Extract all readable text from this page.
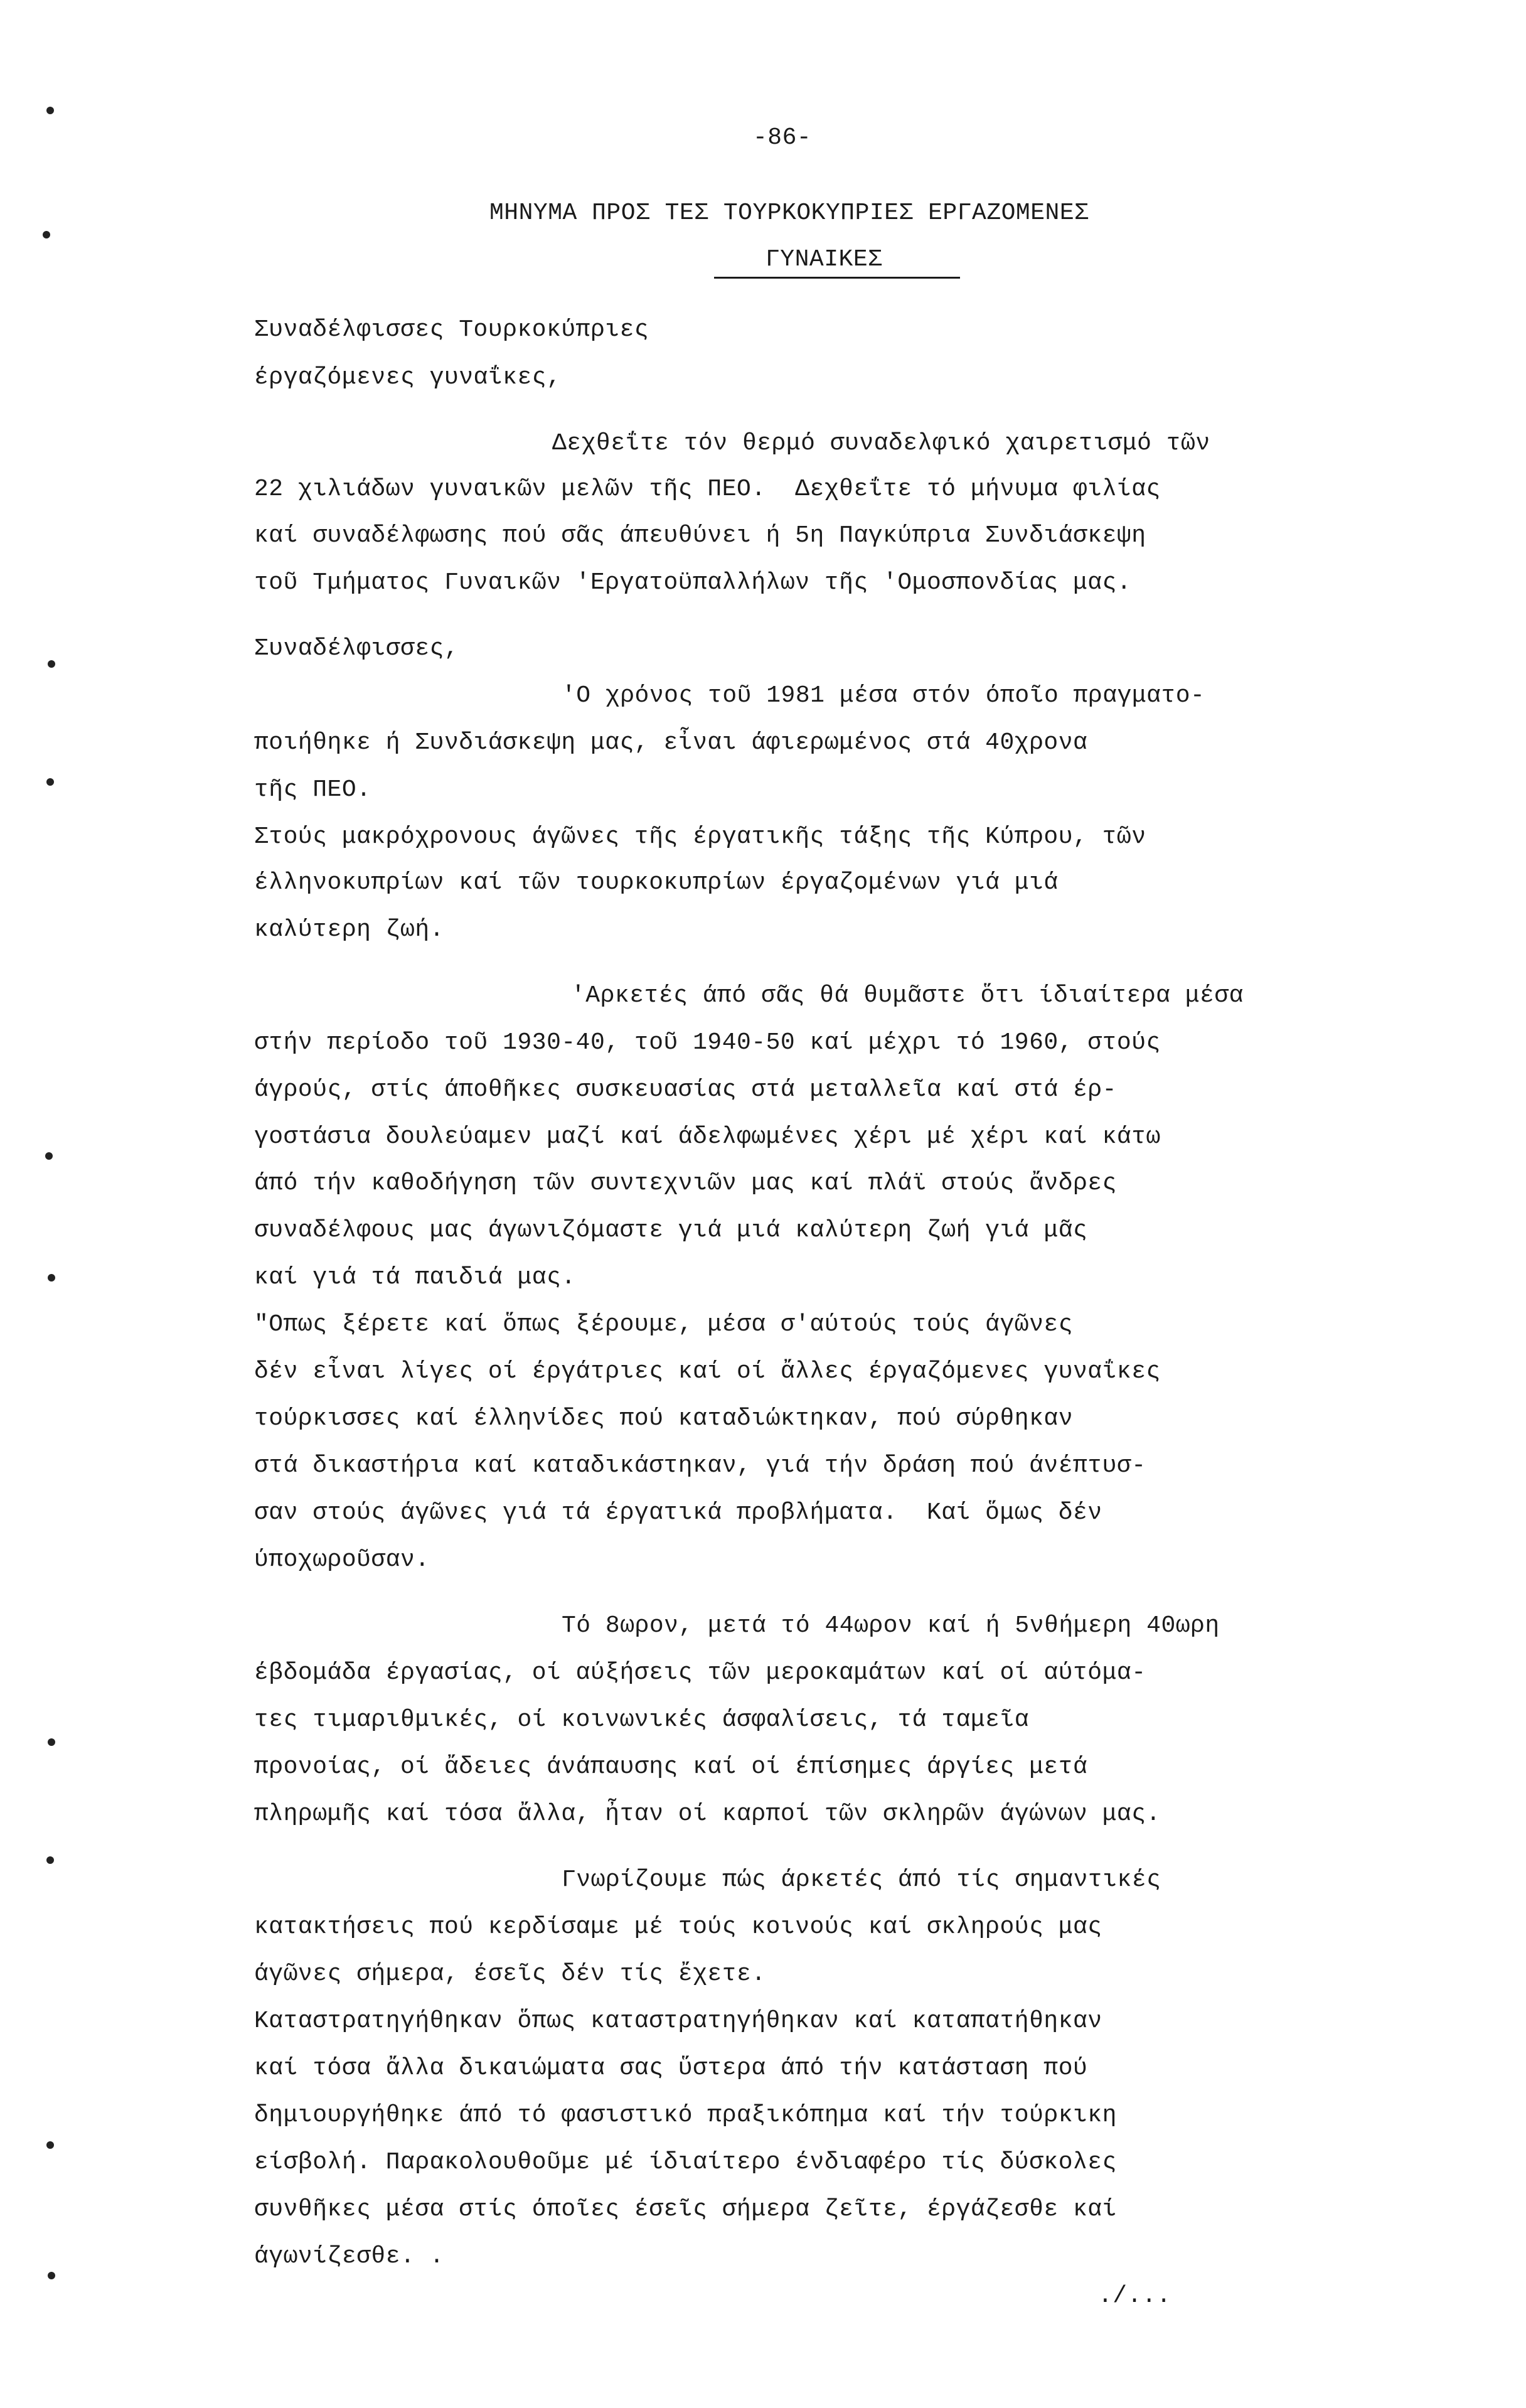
-86-
ΜΗΝΥΜΑ ΠΡΟΣ ΤΕΣ ΤΟΥΡΚΟΚΥΠΡΙΕΣ ΕΡΓΑΖΟΜΕΝΕΣ
ΓΥΝΑΙΚΕΣ
Συναδέλφισσες Τουρκοκύπριες
έργαζόμενες γυναΐκες,
Δεχθεΐτε τόν θερμό συναδελφικό χαιρετισμό τῶν
22 χιλιάδων γυναικῶν μελῶν τῆς ΠΕΟ.  Δεχθεΐτε τό μήνυμα φιλίας
καί συναδέλφωσης πού σᾶς άπευθύνει ή 5η Παγκύπρια Συνδιάσκεψη
τοῦ Τμήματος Γυναικῶν 'Εργατοϋπαλλήλων τῆς 'Ομοσπονδίας μας.
Συναδέλφισσες,
'Ο χρόνος τοῦ 1981 μέσα στόν όποῖο πραγματο-
ποιήθηκε ή Συνδιάσκεψη μας, εἶναι άφιερωμένος στά 40χρονα
τῆς ΠΕΟ.
Στούς μακρόχρονους άγῶνες τῆς έργατικῆς τάξης τῆς Κύπρου, τῶν
έλληνοκυπρίων καί τῶν τουρκοκυπρίων έργαζομένων γιά μιά
καλύτερη ζωή.
'Αρκετές άπό σᾶς θά θυμᾶστε ὅτι ίδιαίτερα μέσα
στήν περίοδο τοῦ 1930-40, τοῦ 1940-50 καί μέχρι τό 1960, στούς
άγρούς, στίς άποθῆκες συσκευασίας στά μεταλλεῖα καί στά έρ-
γοστάσια δουλεύαμεν μαζί καί άδελφωμένες χέρι μέ χέρι καί κάτω
άπό τήν καθοδήγηση τῶν συντεχνιῶν μας καί πλάϊ στούς ἄνδρες
συναδέλφους μας άγωνιζόμαστε γιά μιά καλύτερη ζωή γιά μᾶς
καί γιά τά παιδιά μας.
"Οπως ξέρετε καί ὅπως ξέρουμε, μέσα σ'αύτούς τούς άγῶνες
δέν εἶναι λίγες οί έργάτριες καί οί ἄλλες έργαζόμενες γυναΐκες
τούρκισσες καί έλληνίδες πού καταδιώκτηκαν, πού σύρθηκαν
στά δικαστήρια καί καταδικάστηκαν, γιά τήν δράση πού άνέπτυσ-
σαν στούς άγῶνες γιά τά έργατικά προβλήματα.  Καί ὅμως δέν
ύποχωροῦσαν.
Τό 8ωρον, μετά τό 44ωρον καί ή 5νθήμερη 40ωρη
έβδομάδα έργασίας, οί αύξήσεις τῶν μεροκαμάτων καί οί αύτόμα-
τες τιμαριθμικές, οί κοινωνικές άσφαλίσεις, τά ταμεῖα
προνοίας, οί ἄδειες άνάπαυσης καί οί έπίσημες άργίες μετά
πληρωμῆς καί τόσα ἄλλα, ἦταν οί καρποί τῶν σκληρῶν άγώνων μας.
Γνωρίζουμε πώς άρκετές άπό τίς σημαντικές
κατακτήσεις πού κερδίσαμε μέ τούς κοινούς καί σκληρούς μας
άγῶνες σήμερα, έσεῖς δέν τίς ἔχετε.
Καταστρατηγήθηκαν ὅπως καταστρατηγήθηκαν καί καταπατήθηκαν
καί τόσα ἄλλα δικαιώματα σας ὕστερα άπό τήν κατάσταση πού
δημιουργήθηκε άπό τό φασιστικό πραξικόπημα καί τήν τούρκικη
είσβολή. Παρακολουθοῦμε μέ ίδιαίτερο ένδιαφέρο τίς δύσκολες
συνθῆκες μέσα στίς όποῖες έσεῖς σήμερα ζεῖτε, έργάζεσθε καί
άγωνίζεσθε. .
./...
